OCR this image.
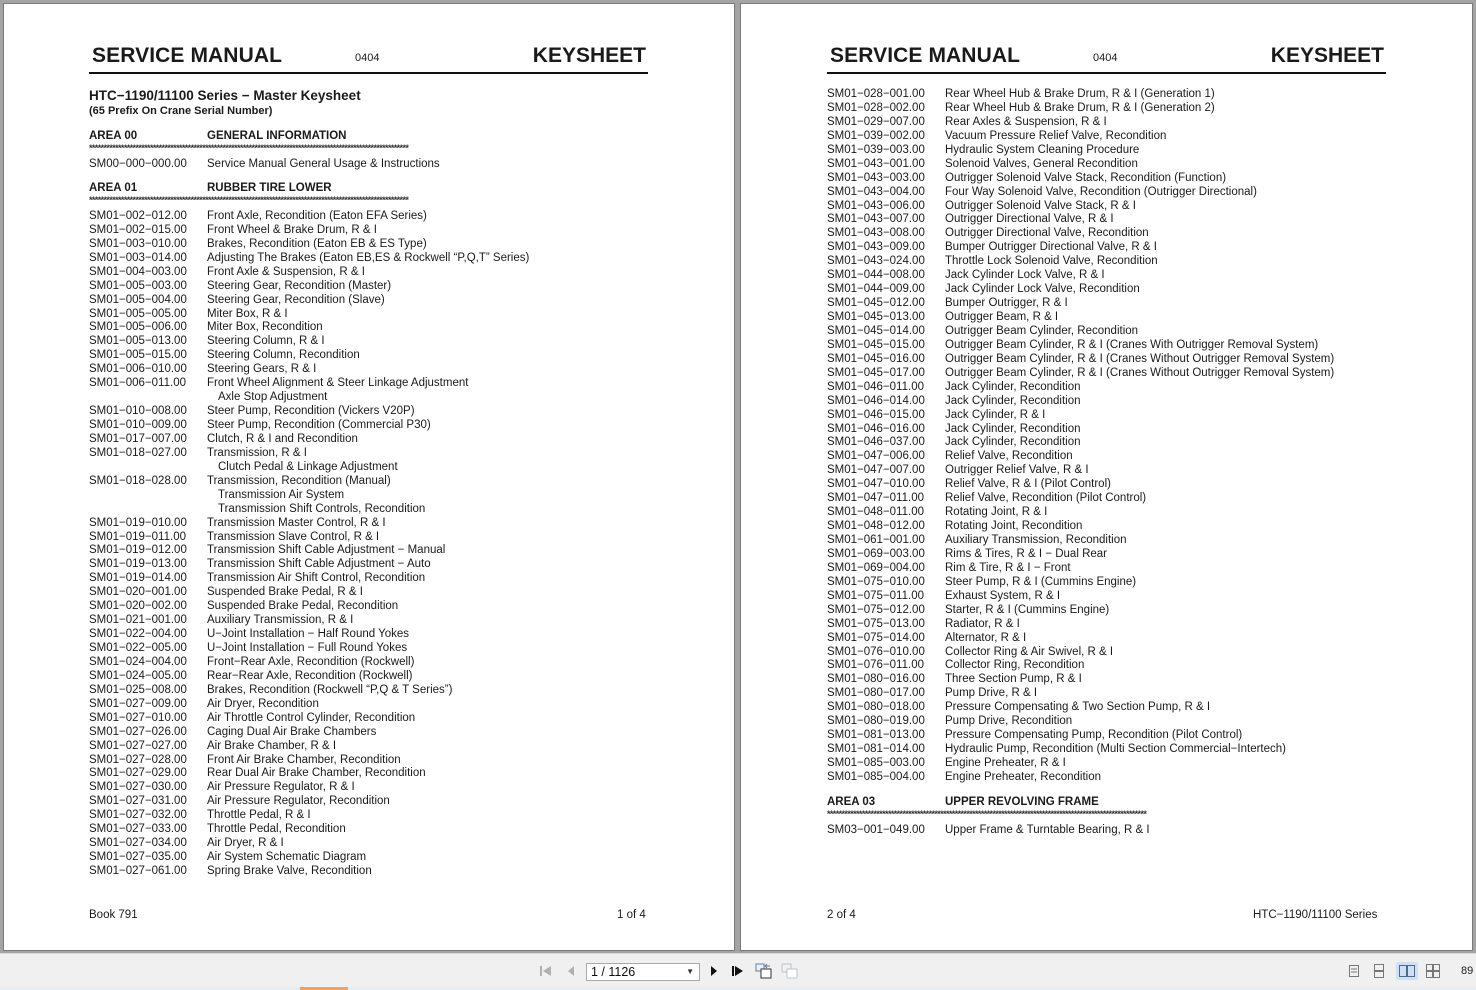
SERVICE MANUAL	0404	KEYSHEET
HTC−1190/11100 Series − Master Keysheet
(65 Prefix On Crane Serial Number)
AREA 00	GENERAL INFORMATION
**************************************************************************************************************
SM00−000−000.00 Service Manual General Usage & Instructions
AREA 01	RUBBER TIRE LOWER
**************************************************************************************************************
SM01−002−012.00 Front Axle, Recondition (Eaton EFA Series)
SM01−002−015.00 Front Wheel & Brake Drum, R & I
SM01−003−010.00 Brakes, Recondition (Eaton EB & ES Type)
SM01−003−014.00 Adjusting The Brakes (Eaton EB,ES & Rockwell “P,Q,T” Series)
SM01−004−003.00 Front Axle & Suspension, R & I
SM01−005−003.00 Steering Gear, Recondition (Master)
SM01−005−004.00 Steering Gear, Recondition (Slave)
SM01−005−005.00 Miter Box, R & I
SM01−005−006.00 Miter Box, Recondition
SM01−005−013.00 Steering Column, R & I
SM01−005−015.00 Steering Column, Recondition
SM01−006−010.00 Steering Gears, R & I
SM01−006−011.00 Front Wheel Alignment & Steer Linkage Adjustment
Axle Stop Adjustment
SM01−010−008.00 Steer Pump, Recondition (Vickers V20P)
SM01−010−009.00 Steer Pump, Recondition (Commercial P30)
SM01−017−007.00 Clutch, R & I and Recondition
SM01−018−027.00 Transmission, R & I
Clutch Pedal & Linkage Adjustment
SM01−018−028.00 Transmission, Recondition (Manual)
Transmission Air System
Transmission Shift Controls, Recondition
SM01−019−010.00 Transmission Master Control, R & I
SM01−019−011.00 Transmission Slave Control, R & I
SM01−019−012.00 Transmission Shift Cable Adjustment − Manual
SM01−019−013.00 Transmission Shift Cable Adjustment − Auto
SM01−019−014.00 Transmission Air Shift Control, Recondition
SM01−020−001.00 Suspended Brake Pedal, R & I
SM01−020−002.00 Suspended Brake Pedal, Recondition
SM01−021−001.00 Auxiliary Transmission, R & I
SM01−022−004.00 U−Joint Installation − Half Round Yokes
SM01−022−005.00 U−Joint Installation − Full Round Yokes
SM01−024−004.00 Front−Rear Axle, Recondition (Rockwell)
SM01−024−005.00 Rear−Rear Axle, Recondition (Rockwell)
SM01−025−008.00 Brakes, Recondition (Rockwell “P,Q & T Series”)
SM01−027−009.00 Air Dryer, Recondition
SM01−027−010.00 Air Throttle Control Cylinder, Recondition
SM01−027−026.00 Caging Dual Air Brake Chambers
SM01−027−027.00 Air Brake Chamber, R & I
SM01−027−028.00 Front Air Brake Chamber, Recondition
SM01−027−029.00 Rear Dual Air Brake Chamber, Recondition
SM01−027−030.00 Air Pressure Regulator, R & I
SM01−027−031.00 Air Pressure Regulator, Recondition
SM01−027−032.00 Throttle Pedal, R & I
SM01−027−033.00 Throttle Pedal, Recondition
SM01−027−034.00 Air Dryer, R & I
SM01−027−035.00 Air System Schematic Diagram
SM01−027−061.00 Spring Brake Valve, Recondition
Book 791	1 of 4
SERVICE MANUAL	0404	KEYSHEET
SM01−028−001.00 Rear Wheel Hub & Brake Drum, R & I (Generation 1)
SM01−028−002.00 Rear Wheel Hub & Brake Drum, R & I (Generation 2)
SM01−029−007.00 Rear Axles & Suspension, R & I
SM01−039−002.00 Vacuum Pressure Relief Valve, Recondition
SM01−039−003.00 Hydraulic System Cleaning Procedure
SM01−043−001.00 Solenoid Valves, General Recondition
SM01−043−003.00 Outrigger Solenoid Valve Stack, Recondition (Function)
SM01−043−004.00 Four Way Solenoid Valve, Recondition (Outrigger Directional)
SM01−043−006.00 Outrigger Solenoid Valve Stack, R & I
SM01−043−007.00 Outrigger Directional Valve, R & I
SM01−043−008.00 Outrigger Directional Valve, Recondition
SM01−043−009.00 Bumper Outrigger Directional Valve, R & I
SM01−043−024.00 Throttle Lock Solenoid Valve, Recondition
SM01−044−008.00 Jack Cylinder Lock Valve, R & I
SM01−044−009.00 Jack Cylinder Lock Valve, Recondition
SM01−045−012.00 Bumper Outrigger, R & I
SM01−045−013.00 Outrigger Beam, R & I
SM01−045−014.00 Outrigger Beam Cylinder, Recondition
SM01−045−015.00 Outrigger Beam Cylinder, R & I (Cranes With Outrigger Removal System)
SM01−045−016.00 Outrigger Beam Cylinder, R & I (Cranes Without Outrigger Removal System)
SM01−045−017.00 Outrigger Beam Cylinder, R & I (Cranes Without Outrigger Removal System)
SM01−046−011.00 Jack Cylinder, Recondition
SM01−046−014.00 Jack Cylinder, Recondition
SM01−046−015.00 Jack Cylinder, R & I
SM01−046−016.00 Jack Cylinder, Recondition
SM01−046−037.00 Jack Cylinder, Recondition
SM01−047−006.00 Relief Valve, Recondition
SM01−047−007.00 Outrigger Relief Valve, R & I
SM01−047−010.00 Relief Valve, R & I (Pilot Control)
SM01−047−011.00 Relief Valve, Recondition (Pilot Control)
SM01−048−011.00 Rotating Joint, R & I
SM01−048−012.00 Rotating Joint, Recondition
SM01−061−001.00 Auxiliary Transmission, Recondition
SM01−069−003.00 Rims & Tires, R & I − Dual Rear
SM01−069−004.00 Rim & Tire, R & I − Front
SM01−075−010.00 Steer Pump, R & I (Cummins Engine)
SM01−075−011.00 Exhaust System, R & I
SM01−075−012.00 Starter, R & I (Cummins Engine)
SM01−075−013.00 Radiator, R & I
SM01−075−014.00 Alternator, R & I
SM01−076−010.00 Collector Ring & Air Swivel, R & I
SM01−076−011.00 Collector Ring, Recondition
SM01−080−016.00 Three Section Pump, R & I
SM01−080−017.00 Pump Drive, R & I
SM01−080−018.00 Pressure Compensating & Two Section Pump, R & I
SM01−080−019.00 Pump Drive, Recondition
SM01−081−013.00 Pressure Compensating Pump, Recondition (Pilot Control)
SM01−081−014.00 Hydraulic Pump, Recondition (Multi Section Commercial−Intertech)
SM01−085−003.00 Engine Preheater, R & I
SM01−085−004.00 Engine Preheater, Recondition
AREA 03	UPPER REVOLVING FRAME
**************************************************************************************************************
SM03−001−049.00 Upper Frame & Turntable Bearing, R & I
2 of 4	HTC−1190/11100 Series
1 / 1126	▼	89
